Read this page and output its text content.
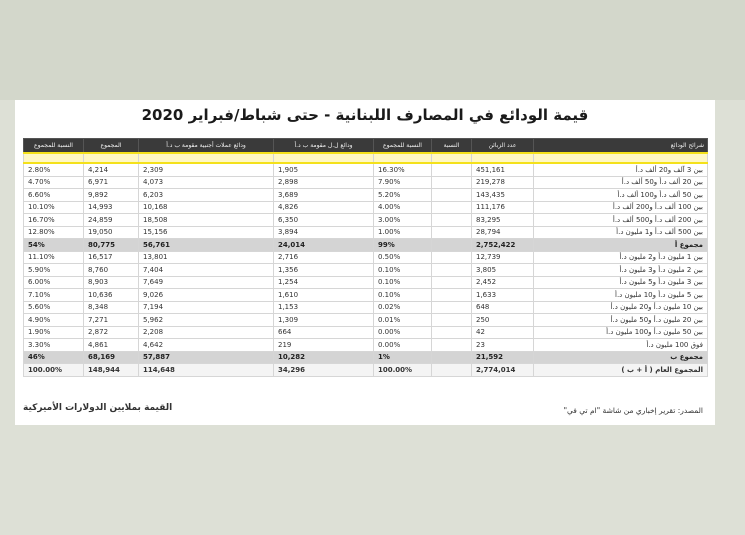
قيمة الودائع في المصارف اللبنانية - حتى شباط/فبراير 2020
النسبة للمجموع	المجموع	ودائع عملات أجنبية مقومة ب د.أ	ودائع ل.ل مقومة ب د.أ	النسبة للمجموع	النسبة	عدد الزبائن	شرائح الودائع

2.80%	4,214	2,309	1,905	16.30%		451,161	بين 3 آلف و20 ألف د.أ
4.70%	6,971	4,073	2,898	7.90%		219,278	بين 20 ألف د.أ و50 ألف د.أ
6.60%	9,892	6,203	3,689	5.20%		143,435	بين 50 ألف د.أ و100 ألف د.أ
10.10%	14,993	10,168	4,826	4.00%		111,176	بين 100 ألف د.أ و200 ألف د.أ
16.70%	24,859	18,508	6,350	3.00%		83,295	بين 200 ألف د.أ و500 ألف د.أ
12.80%	19,050	15,156	3,894	1.00%		28,794	بين 500 ألف د.أ و1 مليون د.أ
54%	80,775	56,761	24,014	99%		2,752,422	مجموع أ
11.10%	16,517	13,801	2,716	0.50%		12,739	بين 1 مليون د.أ و2 مليون د.أ
5.90%	8,760	7,404	1,356	0.10%		3,805	بين 2 مليون د.أ و3 مليون د.أ
6.00%	8,903	7,649	1,254	0.10%		2,452	بين 3 مليون د.أ و5 مليون د.أ
7.10%	10,636	9,026	1,610	0.10%		1,633	بين 5 مليون د.أ و10 مليون د.أ
5.60%	8,348	7,194	1,153	0.02%		648	بين 10 مليون د.أ و20 مليون د.أ
4.90%	7,271	5,962	1,309	0.01%		250	بين 20 مليون د.أ و50 مليون د.أ
1.90%	2,872	2,208	664	0.00%		42	بين 50 مليون د.أ و100 مليون د.أ
3.30%	4,861	4,642	219	0.00%		23	فوق 100 مليون د.أ
46%	68,169	57,887	10,282	1%		21,592	مجموع ب
100.00%	148,944	114,648	34,296	100.00%		2,774,014	المجموع العام ( أ + ب )
القيمة بملايين الدولارات الأميركية	المصدر: تقرير إخباري من شاشة "ام تي في"
